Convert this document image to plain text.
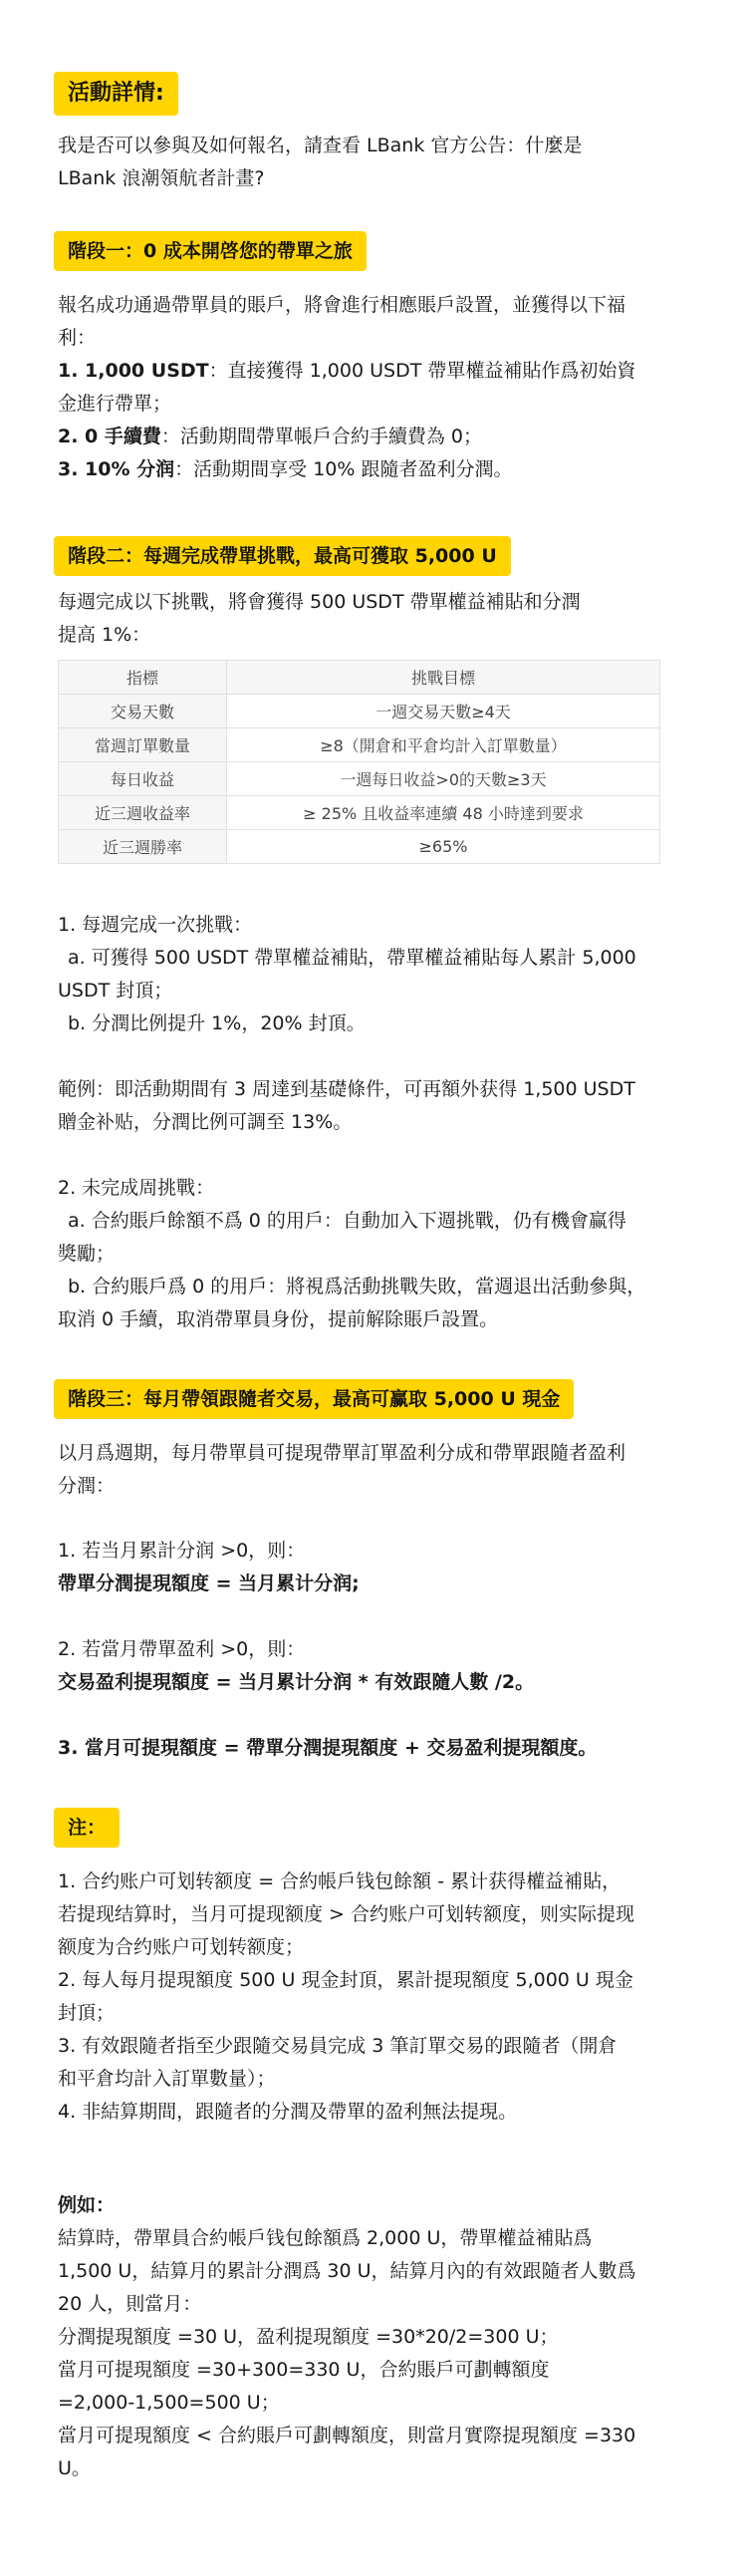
活動詳情:
我是否可以參與及如何報名，請查看 LBank 官方公告：什麼是
LBank 浪潮領航者計畫?
階段一：0 成本開啓您的帶單之旅
報名成功通過帶單員的賬戶，將會進行相應賬戶設置，並獲得以下福
利：
1. 1,000 USDT：直接獲得 1,000 USDT 帶單權益補貼作爲初始資
金進行帶單；
2. 0 手續費：活動期間帶單帳戶合約手續費為 0；
3. 10% 分润：活動期間享受 10% 跟隨者盈利分潤。
階段二：每週完成帶單挑戰，最高可獲取 5,000 U
每週完成以下挑戰，將會獲得 500 USDT 帶單權益補貼和分潤
提高 1%：
指標	挑戰目標
交易天數	一週交易天數≥4天
當週訂單數量	≥8（開倉和平倉均計入訂單數量）
每日收益	一週每日收益>0的天數≥3天
近三週收益率	≥ 25% 且收益率連續 48 小時達到要求
近三週勝率	≥65%
1. 每週完成一次挑戰：
a. 可獲得 500 USDT 帶單權益補貼，帶單權益補貼每人累計 5,000
USDT 封頂；
b. 分潤比例提升 1%，20% 封頂。
範例：即活動期間有 3 周達到基礎條件，可再額外获得 1,500 USDT
贈金补贴，分潤比例可調至 13%。
2. 未完成周挑戰：
a. 合約賬戶餘額不爲 0 的用戶：自動加入下週挑戰，仍有機會赢得
獎勵；
b. 合約賬戶爲 0 的用戶：將視爲活動挑戰失敗，當週退出活動參與，
取消 0 手續，取消帶單員身份，提前解除賬戶設置。
階段三：每月帶領跟隨者交易，最高可赢取 5,000 U 現金
以月爲週期，每月帶單員可提現帶單訂單盈利分成和帶單跟隨者盈利
分潤：
1. 若当月累計分润 >0，则：
帶單分潤提現額度 = 当月累计分润;
2. 若當月帶單盈利 >0，則：
交易盈利提現額度 = 当月累计分润 * 有效跟隨人數 /2。
3. 當月可提現額度 = 帶單分潤提現額度 + 交易盈利提現額度。
注：
1. 合约账户可划转额度 = 合約帳戶钱包餘額 - 累计获得權益補貼，
若提现结算时，当月可提现额度 > 合约账户可划转额度，则实际提现
额度为合约账户可划转额度；
2. 每人每月提現額度 500 U 現金封頂，累計提現額度 5,000 U 現金
封頂；
3. 有效跟隨者指至少跟隨交易員完成 3 筆訂單交易的跟隨者（開倉
和平倉均計入訂單數量）；
4. 非結算期間，跟隨者的分潤及帶單的盈利無法提現。
例如：
結算時，帶單員合約帳戶钱包餘額爲 2,000 U，帶單權益補貼爲
1,500 U，結算月的累計分潤爲 30 U，結算月內的有效跟隨者人數爲
20 人，則當月：
分潤提現額度 =30 U，盈利提現額度 =30*20/2=300 U；
當月可提現額度 =30+300=330 U，合約賬戶可劃轉額度
=2,000-1,500=500 U；
當月可提現額度 < 合約賬戶可劃轉額度，則當月實際提現額度 =330
U。
